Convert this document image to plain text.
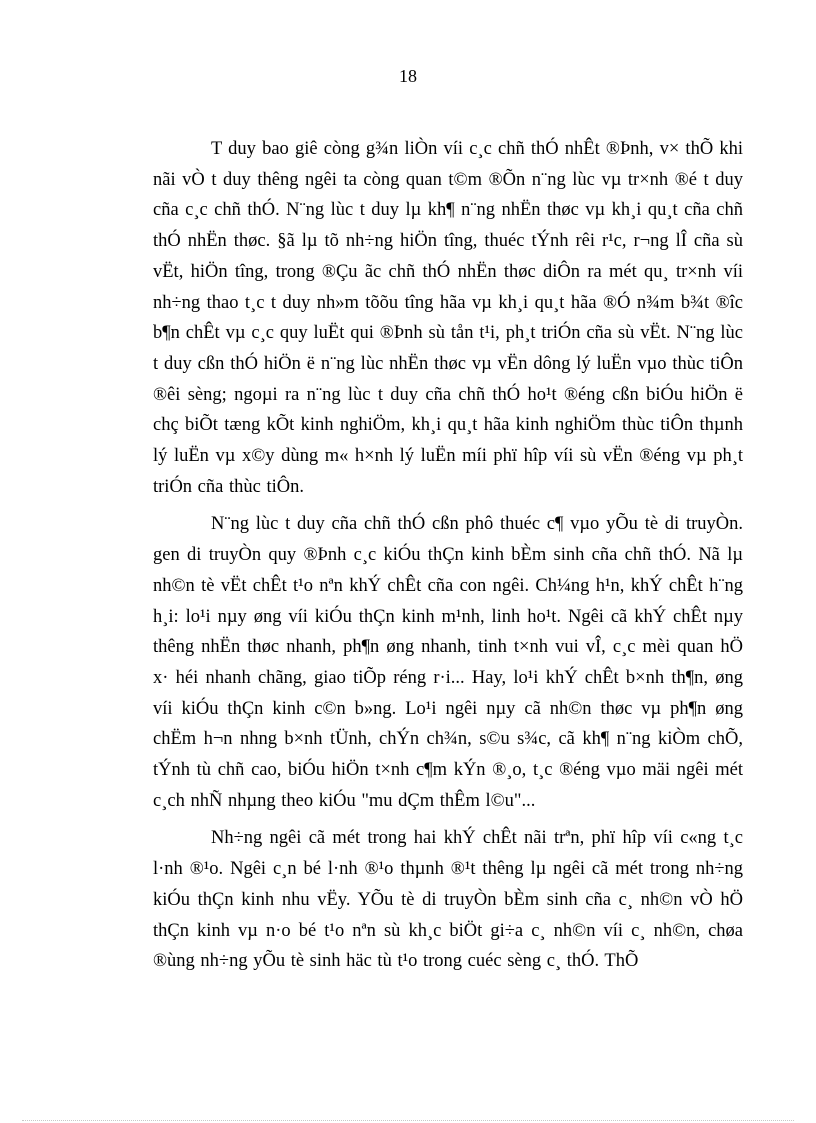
18

T duy bao giê còng g¾n liÒn víi c¸c chñ thÓ nhÊt ®Þnh, v× thÕ khi nãi vÒ t duy thêng ngêi ta còng quan t©m ®Õn n¨ng lùc vµ tr×nh ®é t duy cña c¸c chñ thÓ. N¨ng lùc t duy lµ kh¶ n¨ng nhËn thøc vµ kh¸i qu¸t cña chñ thÓ nhËn thøc. §ã lµ tõ nh÷ng hiÖn tîng, thuéc tÝnh rêi r¹c, r¬ng lÎ cña sù vËt, hiÖn tîng, trong ®Çu ãc chñ thÓ nhËn thøc diÔn ra mét qu¸ tr×nh víi nh÷ng thao t¸c t duy nh»m tõõu tîng hãa vµ kh¸i qu¸t hãa ®Ó n¾m b¾t ®îc b¶n chÊt vµ c¸c quy luËt qui ®Þnh sù tån t¹i, ph¸t triÓn cña sù vËt. N¨ng lùc t duy cßn thÓ hiÖn ë n¨ng lùc nhËn thøc vµ vËn dông lý luËn vµo thùc tiÔn ®êi sèng; ngoµi ra n¨ng lùc t duy cña chñ thÓ ho¹t ®éng cßn biÓu hiÖn ë chç biÕt tæng kÕt kinh nghiÖm, kh¸i qu¸t hãa kinh nghiÖm thùc tiÔn thµnh lý luËn vµ x©y dùng m« h×nh lý luËn míi phï hîp víi sù vËn ®éng vµ ph¸t triÓn cña thùc tiÔn.

N¨ng lùc t duy cña chñ thÓ cßn phô thuéc c¶ vµo yÕu tè di truyÒn. gen di truyÒn quy ®Þnh c¸c kiÓu thÇn kinh bÈm sinh cña chñ thÓ. Nã lµ nh©n tè vËt chÊt t¹o nªn khÝ chÊt cña con ngêi. Ch¼ng h¹n, khÝ chÊt h¨ng h¸i: lo¹i nµy øng víi kiÓu thÇn kinh m¹nh, linh ho¹t. Ngêi cã khÝ chÊt nµy thêng nhËn thøc nhanh, ph¶n øng nhanh, tinh t×nh vui vÎ, c¸c mèi quan hÖ x· héi nhanh chãng, giao tiÕp réng r·i... Hay, lo¹i khÝ chÊt b×nh th¶n, øng víi kiÓu thÇn kinh c©n b»ng. Lo¹i ngêi nµy cã nh©n thøc vµ ph¶n øng chËm h¬n nhng b×nh tÜnh, chÝn ch¾n, s©u s¾c, cã kh¶ n¨ng kiÒm chÕ, tÝnh tù chñ cao, biÓu hiÖn t×nh c¶m kÝn ®¸o, t¸c ®éng vµo mäi ngêi mét c¸ch nhÑ nhµng theo kiÓu "mu dÇm thÊm l©u"...

Nh÷ng ngêi cã mét trong hai khÝ chÊt nãi trªn, phï hîp víi c«ng t¸c l·nh ®¹o. Ngêi c¸n bé l·nh ®¹o thµnh ®¹t thêng lµ ngêi cã mét trong nh÷ng kiÓu thÇn kinh nhu vËy. YÕu tè di truyÒn bÈm sinh cña c¸ nh©n vÒ hÖ thÇn kinh vµ n·o bé t¹o nªn sù kh¸c biÖt gi÷a c¸ nh©n víi c¸ nh©n, chøa ®ùng nh÷ng yÕu tè sinh häc tù t¹o trong cuéc sèng c¸ thÓ. ThÕ
